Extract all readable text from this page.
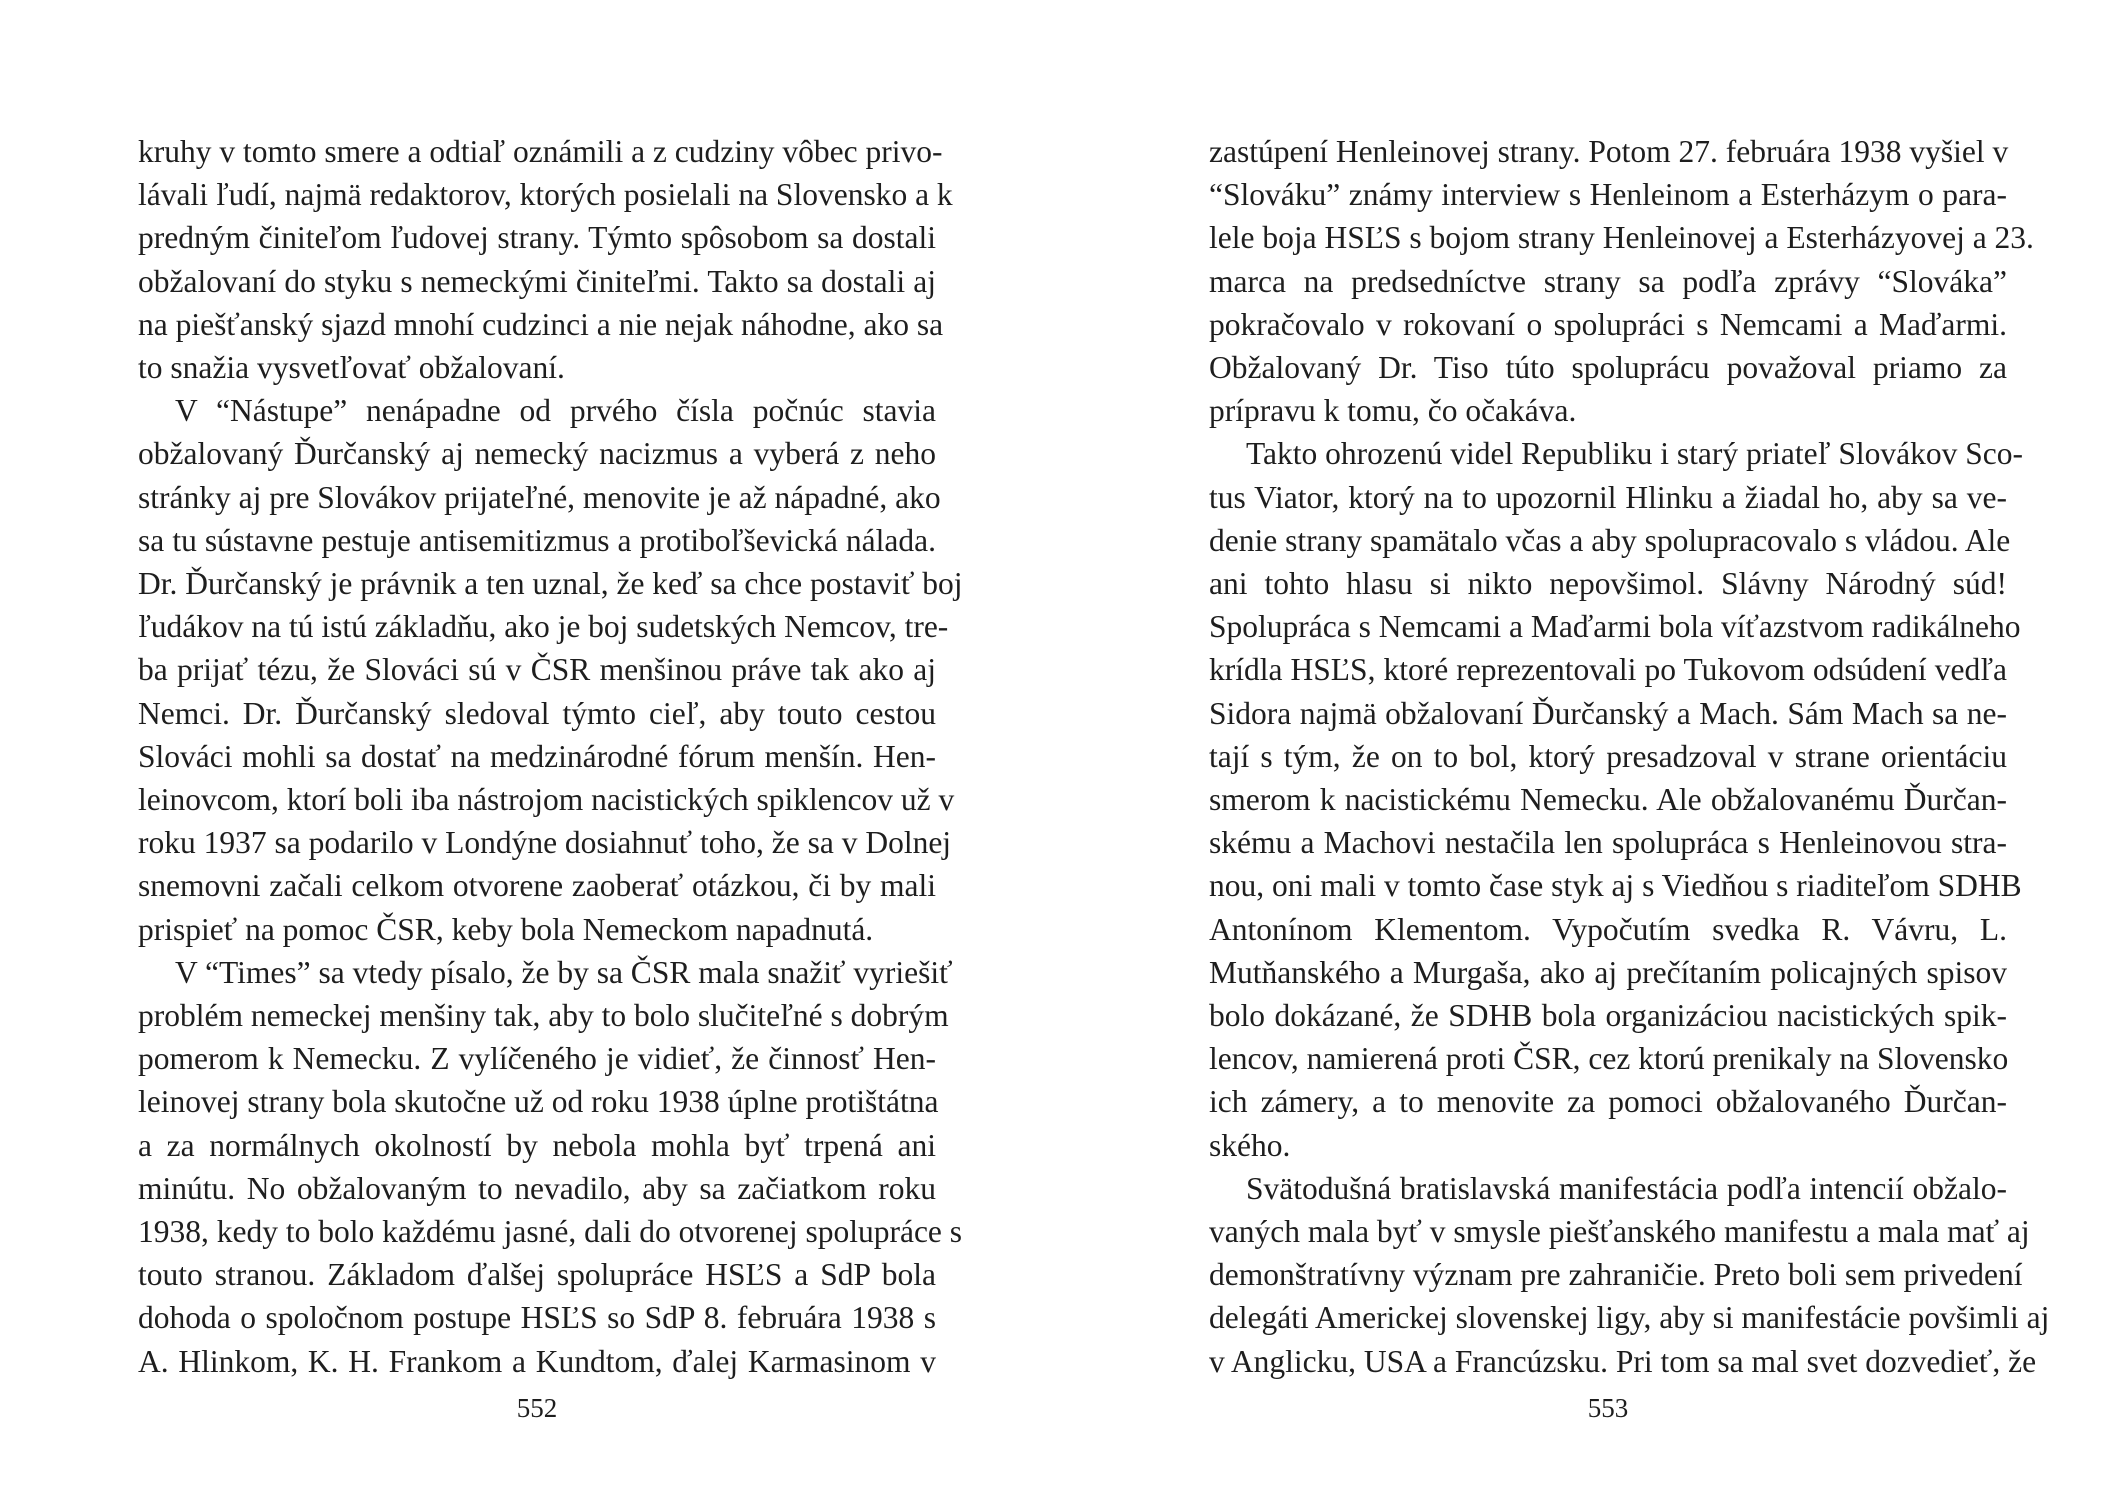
kruhy v tomto smere a odtiaľ oznámili a z cudziny vôbec privo-
lávali ľudí, najmä redaktorov, ktorých posielali na Slovensko a k
predným činiteľom ľudovej strany. Týmto spôsobom sa dostali
obžalovaní do styku s nemeckými činiteľmi. Takto sa dostali aj
na piešťanský sjazd mnohí cudzinci a nie nejak náhodne, ako sa
to snažia vysvetľovať obžalovaní.

V “Nástupe” nenápadne od prvého čísla počnúc stavia
obžalovaný Ďurčanský aj nemecký nacizmus a vyberá z neho
stránky aj pre Slovákov prijateľné, menovite je až nápadné, ako
sa tu sústavne pestuje antisemitizmus a protiboľševická nálada.
Dr. Ďurčanský je právnik a ten uznal, že keď sa chce postaviť boj
ľudákov na tú istú základňu, ako je boj sudetských Nemcov, tre-
ba prijať tézu, že Slováci sú v ČSR menšinou práve tak ako aj
Nemci. Dr. Ďurčanský sledoval týmto cieľ, aby touto cestou
Slováci mohli sa dostať na medzinárodné fórum menšín. Hen-
leinovcom, ktorí boli iba nástrojom nacistických spiklencov už v
roku 1937 sa podarilo v Londýne dosiahnuť toho, že sa v Dolnej
snemovni začali celkom otvorene zaoberať otázkou, či by mali
prispieť na pomoc ČSR, keby bola Nemeckom napadnutá.

V “Times” sa vtedy písalo, že by sa ČSR mala snažiť vyriešiť
problém nemeckej menšiny tak, aby to bolo slučiteľné s dobrým
pomerom k Nemecku. Z vylíčeného je vidieť, že činnosť Hen-
leinovej strany bola skutočne už od roku 1938 úplne protištátna
a za normálnych okolností by nebola mohla byť trpená ani
minútu. No obžalovaným to nevadilo, aby sa začiatkom roku
1938, kedy to bolo každému jasné, dali do otvorenej spolupráce s
touto stranou. Základom ďalšej spolupráce HSĽS a SdP bola
dohoda o spoločnom postupe HSĽS so SdP 8. februára 1938 s
A. Hlinkom, K. H. Frankom a Kundtom, ďalej Karmasinom v

552

zastúpení Henleinovej strany. Potom 27. februára 1938 vyšiel v
“Slováku” známy interview s Henleinom a Esterházym o para-
lele boja HSĽS s bojom strany Henleinovej a Esterházyovej a 23.
marca na predsedníctve strany sa podľa zprávy “Slováka”
pokračovalo v rokovaní o spolupráci s Nemcami a Maďarmi.
Obžalovaný Dr. Tiso túto spoluprácu považoval priamo za
prípravu k tomu, čo očakáva.

Takto ohrozenú videl Republiku i starý priateľ Slovákov Sco-
tus Viator, ktorý na to upozornil Hlinku a žiadal ho, aby sa ve-
denie strany spamätalo včas a aby spolupracovalo s vládou. Ale
ani tohto hlasu si nikto nepovšimol. Slávny Národný súd!
Spolupráca s Nemcami a Maďarmi bola víťazstvom radikálneho
krídla HSĽS, ktoré reprezentovali po Tukovom odsúdení vedľa
Sidora najmä obžalovaní Ďurčanský a Mach. Sám Mach sa ne-
tají s tým, že on to bol, ktorý presadzoval v strane orientáciu
smerom k nacistickému Nemecku. Ale obžalovanému Ďurčan-
skému a Machovi nestačila len spolupráca s Henleinovou stra-
nou, oni mali v tomto čase styk aj s Viedňou s riaditeľom SDHB
Antonínom Klementom. Vypočutím svedka R. Vávru, L.
Mutňanského a Murgaša, ako aj prečítaním policajných spisov
bolo dokázané, že SDHB bola organizáciou nacistických spik-
lencov, namierená proti ČSR, cez ktorú prenikaly na Slovensko
ich zámery, a to menovite za pomoci obžalovaného Ďurčan-
ského.

Svätodušná bratislavská manifestácia podľa intencií obžalo-
vaných mala byť v smysle piešťanského manifestu a mala mať aj
demonštratívny význam pre zahraničie. Preto boli sem privedení
delegáti Americkej slovenskej ligy, aby si manifestácie povšimli aj
v Anglicku, USA a Francúzsku. Pri tom sa mal svet dozvedieť, že

553
